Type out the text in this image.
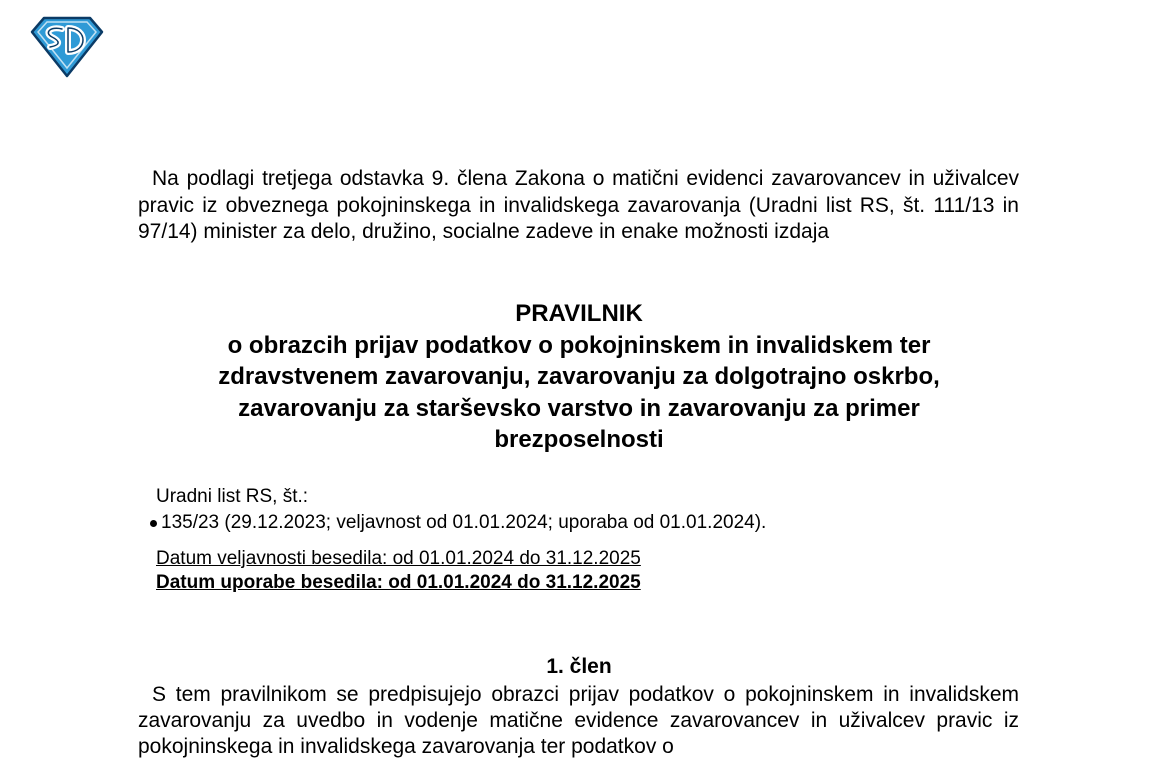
Na podlagi tretjega odstavka 9. člena Zakona o matični evidenci zavarovancev in uživalcev pravic iz obveznega pokojninskega in invalidskega zavarovanja (Uradni list RS, št. 111/13 in 97/14) minister za delo, družino, socialne zadeve in enake možnosti izdaja

PRAVILNIK
o obrazcih prijav podatkov o pokojninskem in invalidskem ter zdravstvenem zavarovanju, zavarovanju za dolgotrajno oskrbo, zavarovanju za starševsko varstvo in zavarovanju za primer brezposelnosti
Uradni list RS, št.:
135/23 (29.12.2023; veljavnost od 01.01.2024; uporaba od 01.01.2024).
Datum veljavnosti besedila: od 01.01.2024 do 31.12.2025
Datum uporabe besedila: od 01.01.2024 do 31.12.2025
1. člen

S tem pravilnikom se predpisujejo obrazci prijav podatkov o pokojninskem in invalidskem zavarovanju za uvedbo in vodenje matične evidence zavarovancev in uživalcev pravic iz pokojninskega in invalidskega zavarovanja ter podatkov o
